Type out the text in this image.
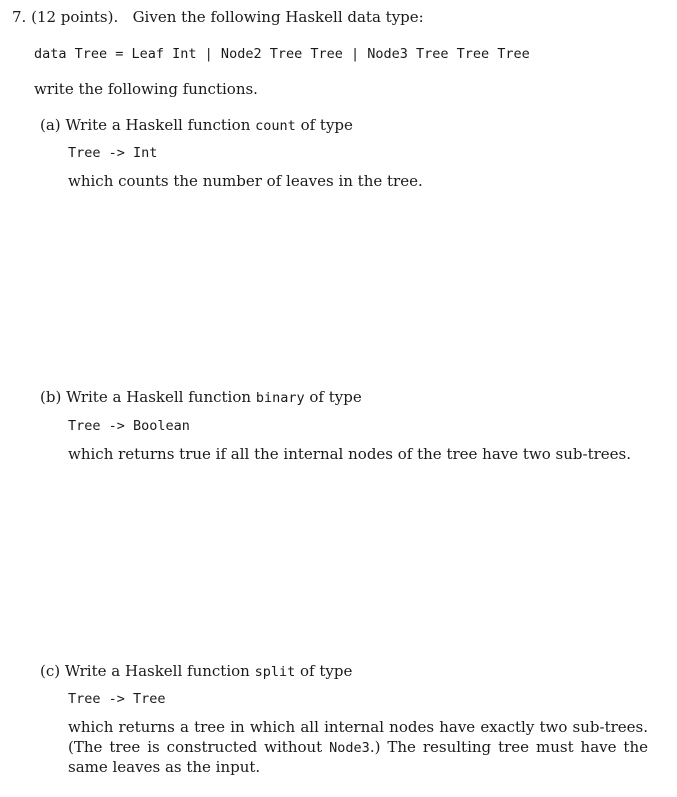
7. (12 points). Given the following Haskell data type:
data Tree = Leaf Int | Node2 Tree Tree | Node3 Tree Tree Tree
write the following functions.
(a) Write a Haskell function count of type
Tree -> Int
which counts the number of leaves in the tree.
(b) Write a Haskell function binary of type
Tree -> Boolean
which returns true if all the internal nodes of the tree have two sub-trees.
(c) Write a Haskell function split of type
Tree -> Tree
which returns a tree in which all internal nodes have exactly two sub-trees. (The tree is constructed without Node3.) The resulting tree must have the same leaves as the input.
